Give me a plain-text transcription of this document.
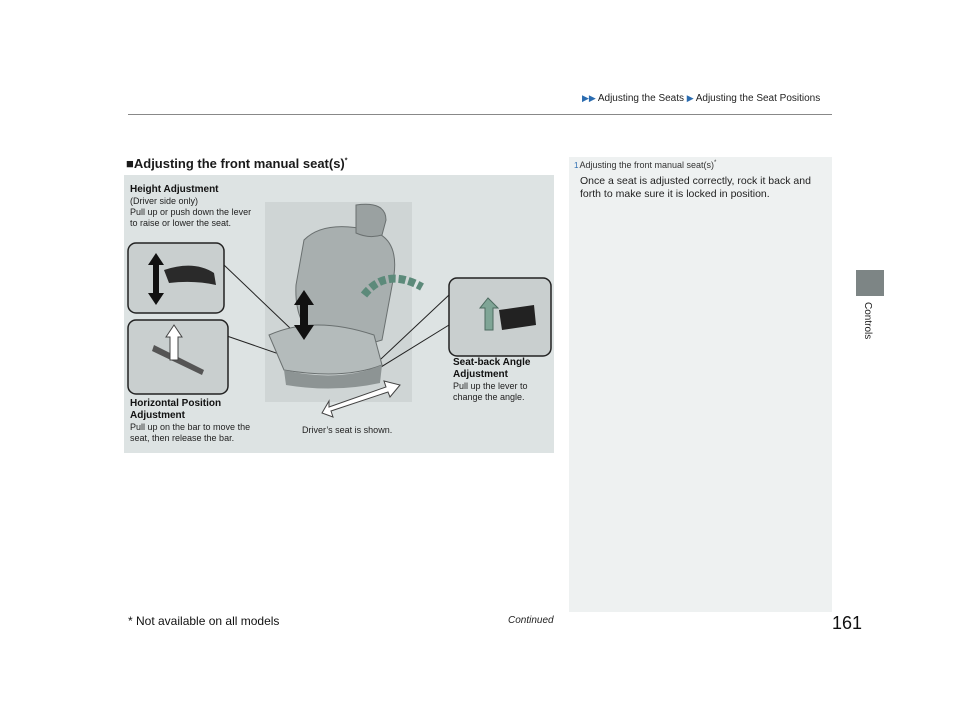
▶▶ Adjusting the Seats ▶ Adjusting the Seat Positions
■Adjusting the front manual seat(s)*
Height Adjustment
(Driver side only)
Pull up or push down the lever
to raise or lower the seat.
Seat-back Angle
Adjustment
Pull up the lever to
change the angle.
Horizontal Position
Adjustment
Pull up on the bar to move the
seat, then release the bar.
Driver’s seat is shown.
1Adjusting the front manual seat(s)*
Once a seat is adjusted correctly, rock it back and forth to make sure it is locked in position.
Controls
* Not available on all models	Continued	161
